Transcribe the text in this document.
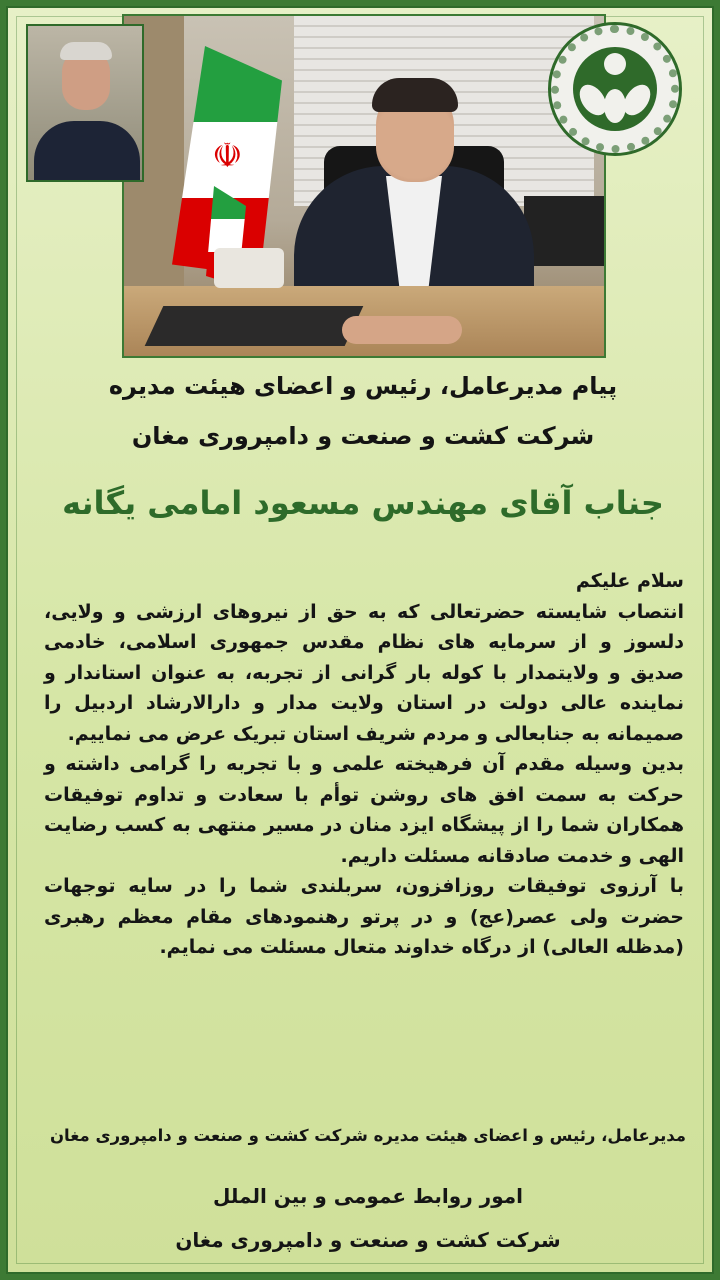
☫
پیام مدیرعامل، رئیس و اعضای هیئت مدیره
شرکت کشت و صنعت و دامپروری مغان
جناب آقای مهندس مسعود امامی یگانه

سلام علیکم

انتصاب شایسته حضرتعالی که به حق از نیروهای ارزشی و ولایی، دلسوز و از سرمایه های نظام مقدس جمهوری اسلامی، خادمی صدیق و ولایتمدار با کوله بار گرانی از تجربه، به عنوان استاندار و نماینده عالی دولت در استان ولایت مدار و دارالارشاد اردبیل را صمیمانه به جنابعالی و مردم شریف استان تبریک عرض می نماییم.

بدین وسیله مقدم آن فرهیخته علمی و با تجربه را گرامی داشته و حرکت به سمت افق های روشن توأم با سعادت و تداوم توفیقات همکاران شما را از پیشگاه ایزد منان در مسیر منتهی به کسب رضایت الهی و خدمت صادقانه مسئلت داریم.

با آرزوی توفیقات روزافزون، سربلندی شما را در سایه توجهات حضرت ولی عصر(عج) و در پرتو رهنمودهای مقام معظم رهبری (مدظله العالی) از درگاه خداوند متعال مسئلت می نمایم.

مدیرعامل، رئیس و اعضای هیئت مدیره شرکت کشت و صنعت و دامپروری مغان
امور روابط عمومی و بین الملل
شرکت کشت و صنعت و دامپروری مغان
